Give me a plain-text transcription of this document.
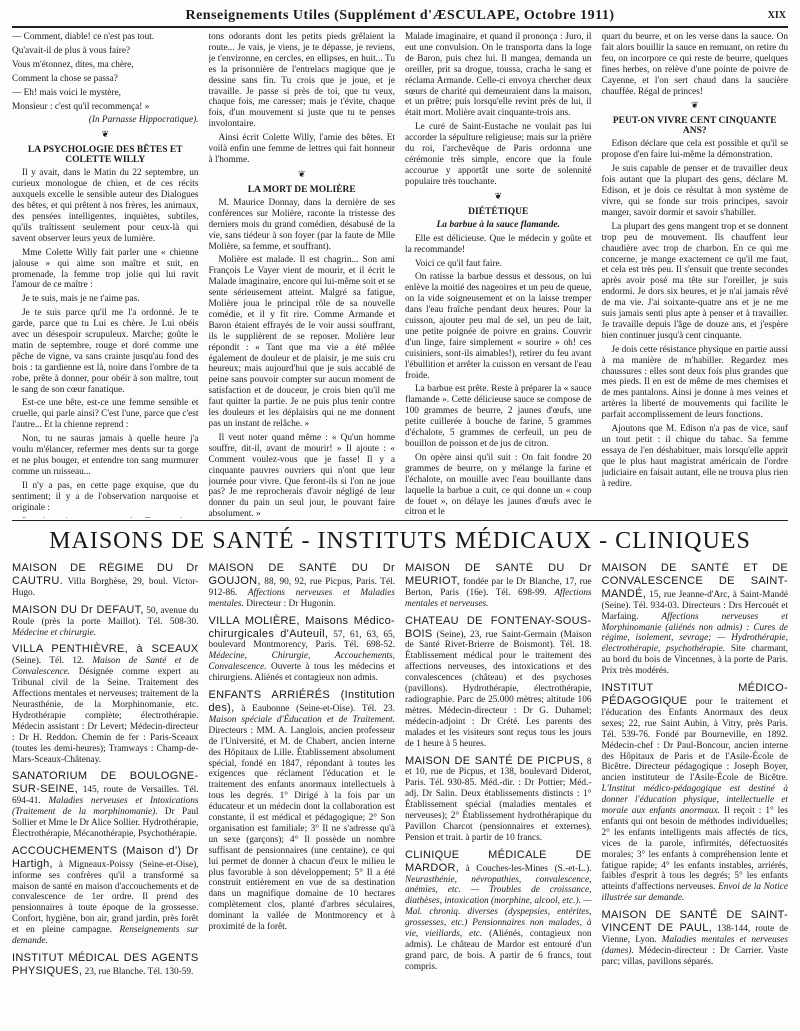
Renseignements Utiles (Supplément d'ÆSCULAPE, Octobre 1911)	XIX

— Comment, diable! ce n'est pas tout.

Qu'avait-il de plus à vous faire?

Vous m'étonnez, dites, ma chère,

Comment la chose se passa?

— Eh! mais voici le mystère,

Monsieur : c'est qu'il recommença! »

(In Parnasse Hippocratique).

❦
LA PSYCHOLOGIE DES BÊTES ET COLETTE WILLY

Il y avait, dans le Matin du 22 septembre, un curieux monologue de chien, et de ces récits auxquels excelle le sensible auteur des Dialogues des bêtes, et qui prêtent à nos frères, les animaux, des pensées intelligentes, inquiètes, subtiles, qu'ils traîtissent seulement pour ceux-là qui savent observer leurs yeux de lumière.

Mme Colette Willy fait parler une « chienne jalouse » qui aime son maître et suit, en promenade, la femme trop jolie qui lui ravit l'amour de ce maître :

Je te suis, mais je ne t'aime pas.

Je te suis parce qu'il me l'a ordonné. Je te garde, parce que tu Lui es chère. Je Lui obéis avec un désespoir scrupuleux. Marche; goûte le matin de septembre, rouge et doré comme une pêche de vigne, va sans crainte jusqu'au fond des bois : ta gardienne est là, noire dans l'ombre de ta robe, prête à donner, pour obéir à son maître, tout le sang de son cœur fanatique.

Est-ce une bête, est-ce une femme sensible et cruelle, qui parle ainsi? C'est l'une, parce que c'est l'autre... Et la chienne reprend :

Non, tu ne sauras jamais à quelle heure j'a voulu m'élancer, refermer mes dents sur ta gorge et ne plus bouger, et entendre ton sang murmurer comme un ruisseau...

Il n'y a pas, en cette page exquise, que du sentiment; il y a de l'observation narquoise et originale :

tons odorants dont les petits pieds grêlaient la route... Je vais, je viens, je te dépasse, je reviens, je t'environne, en cercles, en ellipses, en huit... Tu es la prisonnière de l'entrelacs magique que je dessine sans fin. Tu crois que je joue, et je travaille. Je passe si près de toi, que tu veux, chaque fois, me caresser; mais je t'évite, chaque fois, d'un mouvement si juste que tu te penses involontaire.

Ainsi écrit Colette Willy, l'amie des bêtes. Et voilà enfin une femme de lettres qui fait honneur à l'homme.

❦
LA MORT DE MOLIÈRE

M. Maurice Donnay, dans la dernière de ses conférences sur Molière, raconte la tristesse des derniers mois du grand comédien, désabusé de la vie, sans tiédeur à son foyer (par la faute de Mlle Molière, sa femme, et souffrant).

Molière est malade. Il est chagrin... Son ami François Le Vayer vient de mourir, et il écrit le Malade imaginaire, encore qui lui-même soit et se sente sérieusement atteint. Malgré sa fatigue, Molière joua le principal rôle de sa nouvelle comédie, et il y fit rire. Comme Armande et Baron étaient effrayés de le voir aussi souffrant, ils le supplièrent de se reposer. Molière leur répondit : « Tant que ma vie a été mêlée également de douleur et de plaisir, je me suis cru heureux; mais aujourd'hui que je suis accablé de peine sans pouvoir compter sur aucun moment de satisfaction et de douceur, je crois bien qu'il me faut quitter la partie. Je ne puis plus tenir contre les douleurs et les déplaisirs qui ne me donnent pas un instant de relâche. »

Il veut noter quand même : « Qu'un homme souffre, dit-il, avant de mourir! » Il ajoute : « Comment voulez-vous que je fasse! Il y a cinquante pauvres ouvriers qui n'ont que leur journée pour vivre. Que feront-ils si l'on ne joue pas? Je me reprocherais d'avoir négligé de leur donner du pain un seul jour, le pouvant faire absolument. »

Malade imaginaire, et quand il prononça : Juro, il eut une convulsion. On le transporta dans la loge de Baron, puis chez lui. Il mangea, demanda un oreiller, prit sa drogue, toussa, cracha le sang et réclama Armande. Celle-ci envoya chercher deux sœurs de charité qui demeuraient dans la maison, et un prêtre; puis lorsqu'elle revint près de lui, il était mort. Molière avait cinquante-trois ans.

Le curé de Saint-Eustache ne voulait pas lui accorder la sépulture religieuse; mais sur la prière du roi, l'archevêque de Paris ordonna une cérémonie très simple, encore que la foule accourue y apportât une sorte de solennité populaire très touchante.

❦
DIÉTÉTIQUE
La barbue à la sauce flamande.

Elle est délicieuse. Que le médecin y goûte et la recommande!

Voici ce qu'il faut faire.

On ratisse la barbue dessus et dessous, on lui enlève la moitié des nageoires et un peu de queue, on la vide soigneusement et on la laisse tremper dans l'eau fraîche pendant deux heures. Pour la cuisson, ajouter peu mal de sel, un peu de lait, une petite poignée de poivre en grains. Couvrir d'un linge, faire simplement « sourire » oh! ces cuisiniers, sont-ils aimables!), retirer du feu avant l'ébullition et arrêter la cuisson en versant de l'eau froide.

La barbue est prête. Reste à préparer la « sauce flamande ». Cette délicieuse sauce se compose de 100 grammes de beurre, 2 jaunes d'œufs, une petite cuillerée à bouche de farine, 5 grammes d'échalote, 5 grammes de cerfeuil, un peu de bouillon de poisson et de jus de citron.

On opère ainsi qu'il suit : On fait fondre 20 grammes de beurre, on y mélange la farine et l'échalote, on mouille avec l'eau bouillante dans laquelle la barbue a cuit, ce qui donne un « coup de fouet », on délaye les jaunes d'œufs avec le citron et le

quart du beurre, et on les verse dans la sauce. On fait alors bouillir la sauce en remuant, on retire du feu, on incorpore ce qui reste de beurre, quelques fines herbes, on relève d'une pointe de poivre de Cayenne, et l'on sert chaud dans la saucière chauffée. Régal de princes!

❦
PEUT-ON VIVRE CENT CINQUANTE ANS?

Edison déclare que cela est possible et qu'il se propose d'en faire lui-même la démonstration.

Je suis capable de penser et de travailler deux fois autant que la plupart des gens, déclare M. Edison, et je dois ce résultat à mon système de vivre, qui se fonde sur trois principes, savoir manger, savoir dormir et savoir s'habiller.

La plupart des gens mangent trop et se donnent trop peu de mouvement. Ils chauffent leur chaudière avec trop de charbon. En ce qui me concerne, je mange exactement ce qu'il me faut, et cela est très peu. Il s'ensuit que trente secondes après avoir posé ma tête sur l'oreiller, je suis endormi. Je dors six heures, et je n'ai jamais rêvé de ma vie. J'ai soixante-quatre ans et je ne me suis jamais senti plus apte à penser et à travailler. Je travaille depuis l'âge de douze ans, et j'espère bien continuer jusqu'à cent cinquante.

Je dois cette résistance physique en partie aussi à ma manière de m'habiller. Regardez mes chaussures : elles sont deux fois plus grandes que mes pieds. Il en est de même de mes chemises et de mes pantalons. Ainsi je donne à mes veines et artères la liberté de mouvements qui facilite le parfait accomplissement de leurs fonctions.

Ajoutons que M. Edison n'a pas de vice, sauf un tout petit : il chique du tabac. Sa femme essaya de l'en déshabituer, mais lorsqu'elle apprit que le plus haut magistrat américain de l'ordre judiciaire en faisait autant, elle ne trouva plus rien à redire.

MAISONS DE SANTÉ - INSTITUTS MÉDICAUX - CLINIQUES
MAISON DE RÉGIME DU Dr CAUTRU. Villa Borghèse, 29, boul. Victor-Hugo.
MAISON DU Dr DEFAUT, 50, avenue du Roule (près la porte Maillot). Tél. 508-30. Médecine et chirurgie.
VILLA PENTHIÈVRE, à SCEAUX (Seine). Tél. 12. Maison de Santé et de Convalescence. Désignée comme expert au Tribunal civil de la Seine. Traitement des Affections mentales et nerveuses; traitement de la Neurasthénie, de la Morphinomanie, etc. Hydrothérapie complète; électrothérapie. Médecin assistant : Dr Levert; Médecin-directeur : Dr H. Reddon. Chemin de fer : Paris-Sceaux (toutes les demi-heures); Tramways : Champ-de-Mars-Sceaux-Châtenay.
SANATORIUM DE BOULOGNE-SUR-SEINE, 145, route de Versailles. Tél. 694-41. Maladies nerveuses et Intoxications (Traitement de la morphinomanie). Dr Paul Sollier et Mme le Dr Alice Sollier. Hydrothérapie, Électrothérapie, Mécanothérapie, Psychothérapie.
ACCOUCHEMENTS (Maison d') Dr Hartigh, à Migneaux-Poissy (Seine-et-Oise), informe ses confrères qu'il a transformé sa maison de santé en maison d'accouchements et de convalescence de 1er ordre. Il prend des pensionnaires à toute époque de la grossesse. Confort, hygiène, bon air, grand jardin, près forêt et en pleine campagne. Renseignements sur demande.
INSTITUT MÉDICAL DES AGENTS PHYSIQUES, 23, rue Blanche. Tél. 130-59.
MAISON DE SANTÉ DU Dr GOUJON, 88, 90, 92, rue Picpus, Paris. Tél. 912-86. Affections nerveuses et Maladies mentales. Directeur : Dr Hugonin.
VILLA MOLIÈRE, Maisons Médico-chirurgicales d'Auteuil, 57, 61, 63, 65, boulevard Montmorency, Paris. Tél. 698-52. Médecine, Chirurgie, Accouchements, Convalescence. Ouverte à tous les médecins et chirurgiens. Aliénés et contagieux non admis.
ENFANTS ARRIÉRÉS (Institution des), à Eaubonne (Seine-et-Oise). Tél. 23. Maison spéciale d'Éducation et de Traitement. Directeurs : MM. A. Langlois, ancien professeur de l'Université, et M. de Chabert, ancien interne des Hôpitaux de Lille. Établissement absolument spécial, fondé en 1847, répondant à toutes les exigences que réclament l'éducation et le traitement des enfants anormaux intellectuels à tous les degrés. 1° Dirigé à la fois par un éducateur et un médecin dont la collaboration est constante, il est médical et pédagogique; 2° Son organisation est familiale; 3° Il ne s'adresse qu'à un sexe (garçons); 4° Il possède un nombre suffisant de pensionnaires (une centaine), ce qui lui permet de donner à chacun d'eux le milieu le plus favorable à son développement; 5° Il a été construit entièrement en vue de sa destination dans un magnifique domaine de 10 hectares complètement clos, planté d'arbres séculaires, dominant la vallée de Montmorency et à proximité de la forêt.
MAISON DE SANTÉ DU Dr MEURIOT, fondée par le Dr Blanche, 17, rue Berton, Paris (16e). Tél. 698-99. Affections mentales et nerveuses.
CHATEAU DE FONTENAY-SOUS-BOIS (Seine), 23, rue Saint-Germain (Maison de Santé Rivet-Brierre de Boismont). Tél. 18. Établissement médical pour le traitement des affections nerveuses, des intoxications et des convalescences (château) et des psychoses (pavillons). Hydrothérapie, électrothérapie, radiographie. Parc de 25.000 mètres; altitude 106 mètres. Médecin-directeur : Dr G. Duhamel; médecin-adjoint : Dr Crété. Les parents des malades et les visiteurs sont reçus tous les jours de 1 heure à 5 heures.
MAISON DE SANTÉ DE PICPUS, 8 et 10, rue de Picpus, et 138, boulevard Diderot, Paris. Tél. 930-85. Méd.-dir. : Dr Pottier; Méd.-adj. Dr Salin. Deux établissements distincts : 1° Établissement spécial (maladies mentales et nerveuses); 2° Établissement hydrothérapique du Pavillon Charcot (pensionnaires et externes). Pension et trait. à partir de 10 francs.
CLINIQUE MÉDICALE DE MARDOR, à Couches-les-Mines (S.-et-L.). Neurasthénie, névropathies, convalescence, anémies, etc. — Troubles de croissance, diathèses, intoxication (morphine, alcool, etc.). — Mal. chroniq. diverses (dyspepsies, entérites, grossesses, etc.) Pensionnaires non malades, à vie, vieillards, etc. (Aliénés, contagieux non admis). Le château de Mardor est entouré d'un grand parc, de bois. A partir de 6 francs, tout compris.
MAISON DE SANTÉ ET DE CONVALESCENCE DE SAINT-MANDÉ, 15, rue Jeanne-d'Arc, à Saint-Mandé (Seine). Tél. 934-03. Directeurs : Drs Hercouët et Marfaing. Affections nerveuses et Morphinomanie (aliénés non admis) : Cures de régime, isolement, sevrage; — Hydrothérapie, électrothérapie, psychothérapie. Site charmant, au bord du bois de Vincennes, à la porte de Paris. Prix très modérés.
INSTITUT MÉDICO-PÉDAGOGIQUE pour le traitement et l'éducation des Enfants Anormaux des deux sexes; 22, rue Saint Aubin, à Vitry, près Paris. Tél. 539-76. Fondé par Bourneville, en 1892. Médecin-chef : Dr Paul-Boncour, ancien interne des Hôpitaux de Paris et de l'Asile-École de Bicêtre. Directeur pédagogique : Joseph Boyer, ancien instituteur de l'Asile-École de Bicêtre. L'Institut médico-pédagogique est destiné à donner l'éducation physique, intellectuelle et morale aux enfants anormaux. Il reçoit : 1° les enfants qui ont besoin de méthodes individuelles; 2° les enfants intelligents mais affectés de tics, vices de la parole, infirmités, défectuosités morales; 3° les enfants à compréhension lente et fatigue rapide; 4° les enfants instables, arriérés, faibles d'esprit à tous les degrés; 5° les enfants atteints d'affections nerveuses. Envoi de la Notice illustrée sur demande.
MAISON DE SANTÉ DE SAINT-VINCENT DE PAUL, 138-144, route de Vienne, Lyon. Maladies mentales et nerveuses (dames). Médecin-directeur : Dr Carrier. Vaste parc; villas, pavillons séparés.
